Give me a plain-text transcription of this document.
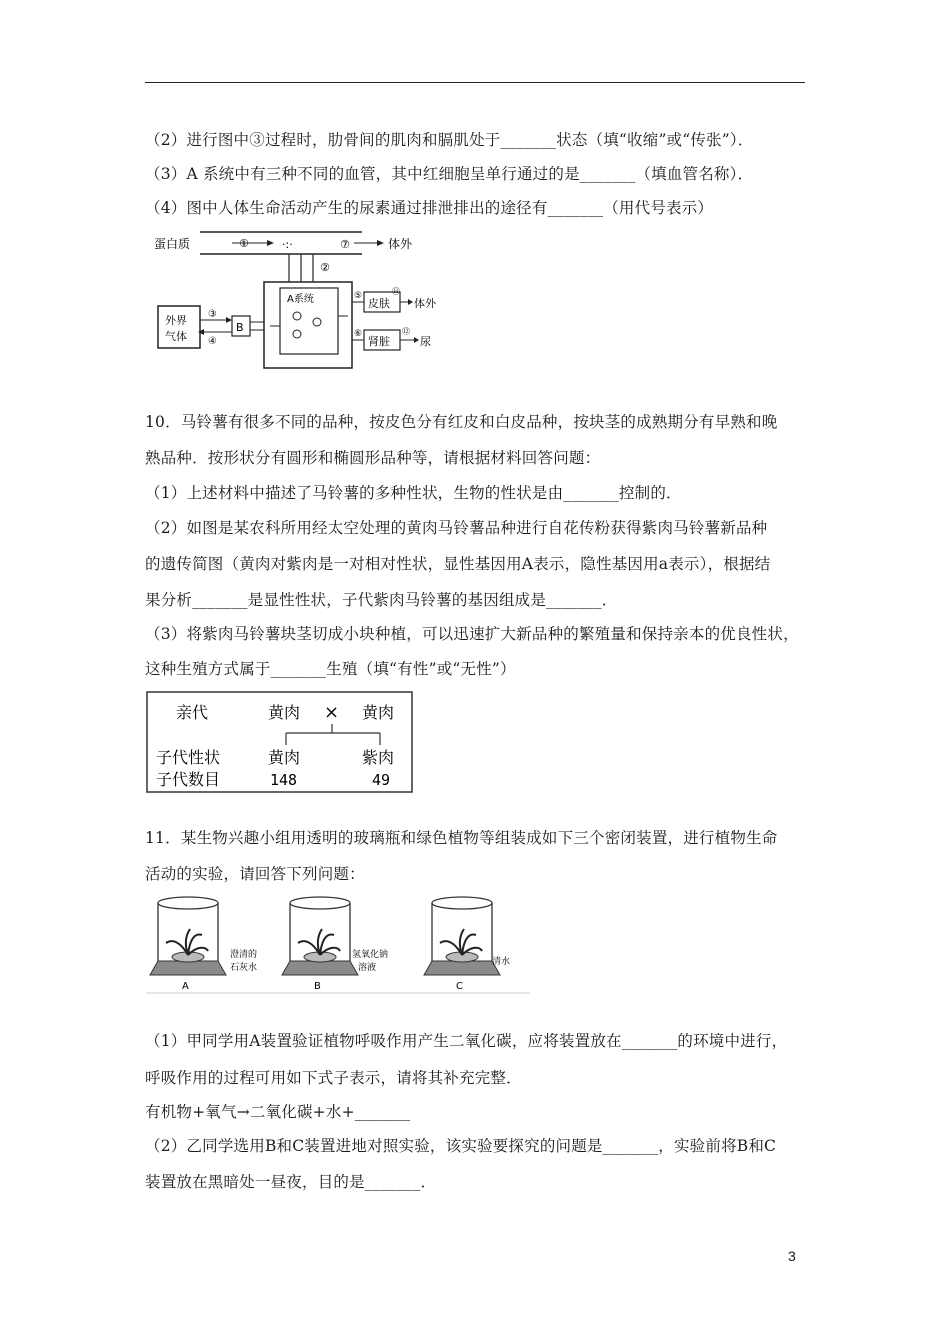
（2）进行图中③过程时，肋骨间的肌肉和膈肌处于_______状态（填“收缩”或“传张”）．
（3）A 系统中有三种不同的血管，其中红细胞呈单行通过的是_______（填血管名称）．
（4）图中人体生命活动产生的尿素通过排泄排出的途径有_______（用代号表示）
蛋白质	①	·:·	⑦	体外
②
A系统
外界
气体
③
④
B
⑤
皮肤 体外
⑪
⑥
肾脏	尿
⑫
10．马铃薯有很多不同的品种，按皮色分有红皮和白皮品种，按块茎的成熟期分有早熟和晚
熟品种．按形状分有圆形和椭圆形品种等，请根据材料回答问题：
（1）上述材料中描述了马铃薯的多种性状，生物的性状是由_______控制的．
（2）如图是某农科所用经太空处理的黄肉马铃薯品种进行自花传粉获得紫肉马铃薯新品种
的遗传简图（黄肉对紫肉是一对相对性状，显性基因用A表示，隐性基因用a表示），根据结
果分析_______是显性性状，子代紫肉马铃薯的基因组成是_______．
（3）将紫肉马铃薯块茎切成小块种植，可以迅速扩大新品种的繁殖量和保持亲本的优良性状，
这种生殖方式属于_______生殖（填“有性”或“无性”）
亲代	黄肉 × 黄肉
子代性状	黄肉	紫肉
子代数目	148	49
11．某生物兴趣小组用透明的玻璃瓶和绿色植物等组装成如下三个密闭装置，进行植物生命
活动的实验，请回答下列问题：
澄清的
石灰水
A
氢氧化钠
溶液
B
清水
C
（1）甲同学用A装置验证植物呼吸作用产生二氧化碳，应将装置放在_______的环境中进行，
呼吸作用的过程可用如下式子表示，请将其补充完整．
有机物+氧气→二氧化碳+水+_______
（2）乙同学选用B和C装置进地对照实验，该实验要探究的问题是_______，实验前将B和C
装置放在黑暗处一昼夜，目的是_______．
3
